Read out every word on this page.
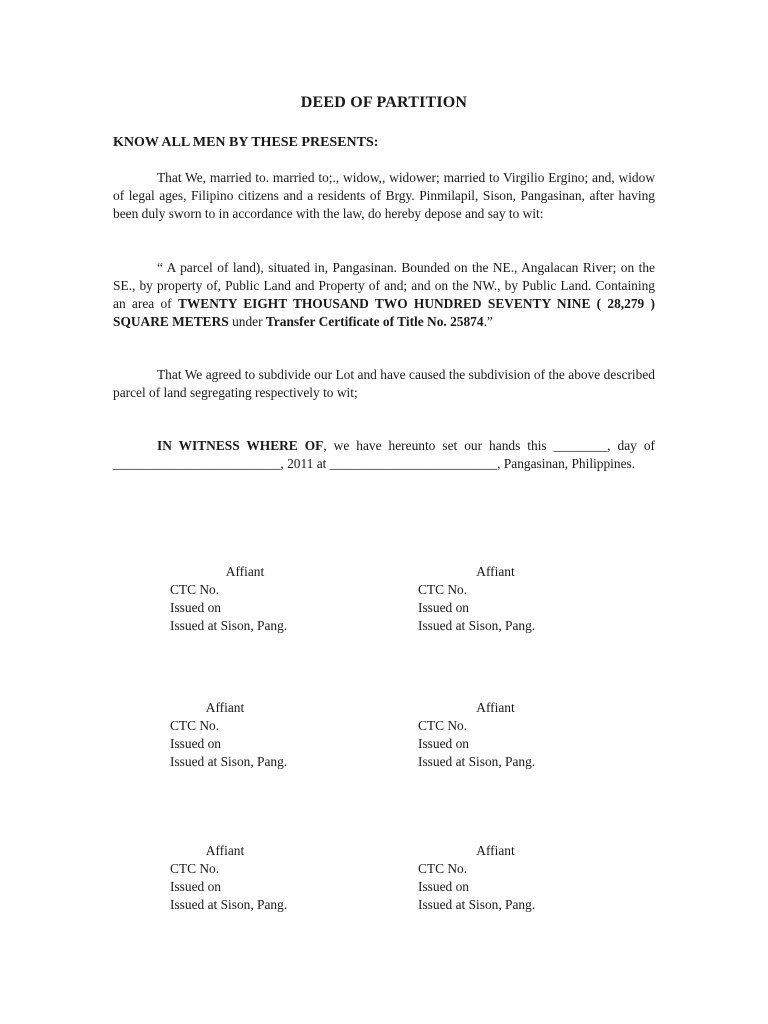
DEED OF PARTITION
KNOW ALL MEN BY THESE PRESENTS:

That We, married to. married to;., widow,, widower; married to Virgilio Ergino; and, widow of legal ages, Filipino citizens and a residents of Brgy. Pinmilapil, Sison, Pangasinan, after having been duly sworn to in accordance with the law, do hereby depose and say to wit:

“ A parcel of land), situated in, Pangasinan. Bounded on the NE., Angalacan River; on the SE., by property of, Public Land and Property of and; and on the NW., by Public Land. Containing an area of TWENTY EIGHT THOUSAND TWO HUNDRED SEVENTY NINE ( 28,279 ) SQUARE METERS under Transfer Certificate of Title No. 25874.”

That We agreed to subdivide our Lot and have caused the subdivision of the above described parcel of land segregating respectively to wit;

IN WITNESS WHERE OF, we have hereunto set our hands this ________, day of _________________________, 2011 at _________________________, Pangasinan, Philippines.

Affiant
CTC No.
Issued on
Issued at Sison, Pang.
Affiant
CTC No.
Issued on
Issued at Sison, Pang.
Affiant
CTC No.
Issued on
Issued at Sison, Pang.
Affiant
CTC No.
Issued on
Issued at Sison, Pang.
Affiant
CTC No.
Issued on
Issued at Sison, Pang.
Affiant
CTC No.
Issued on
Issued at Sison, Pang.
